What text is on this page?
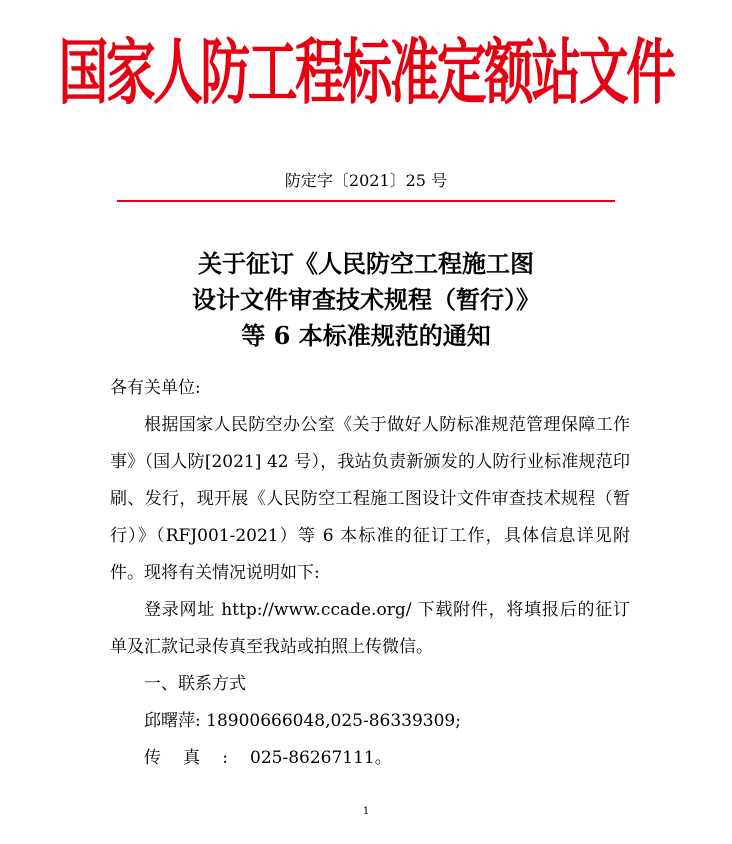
国家人防工程标准定额站文件
防定字〔2021〕25 号
关于征订《人民防空工程施工图
设计文件审查技术规程（暂行）》
等 6 本标准规范的通知

各有关单位:

根据国家人民防空办公室《关于做好人防标准规范管理保障工作事》（国人防[2021] 42 号），我站负责新颁发的人防行业标准规范印刷、发行，现开展《人民防空工程施工图设计文件审查技术规程（暂行）》（RFJ001-2021）等 6 本标准的征订工作，具体信息详见附件。现将有关情况说明如下:

登录网址 http://www.ccade.org/ 下载附件，将填报后的征订单及汇款记录传真至我站或拍照上传微信。

一、联系方式

邱曙萍: 18900666048,025-86339309;

传真:025-86267111。

1
